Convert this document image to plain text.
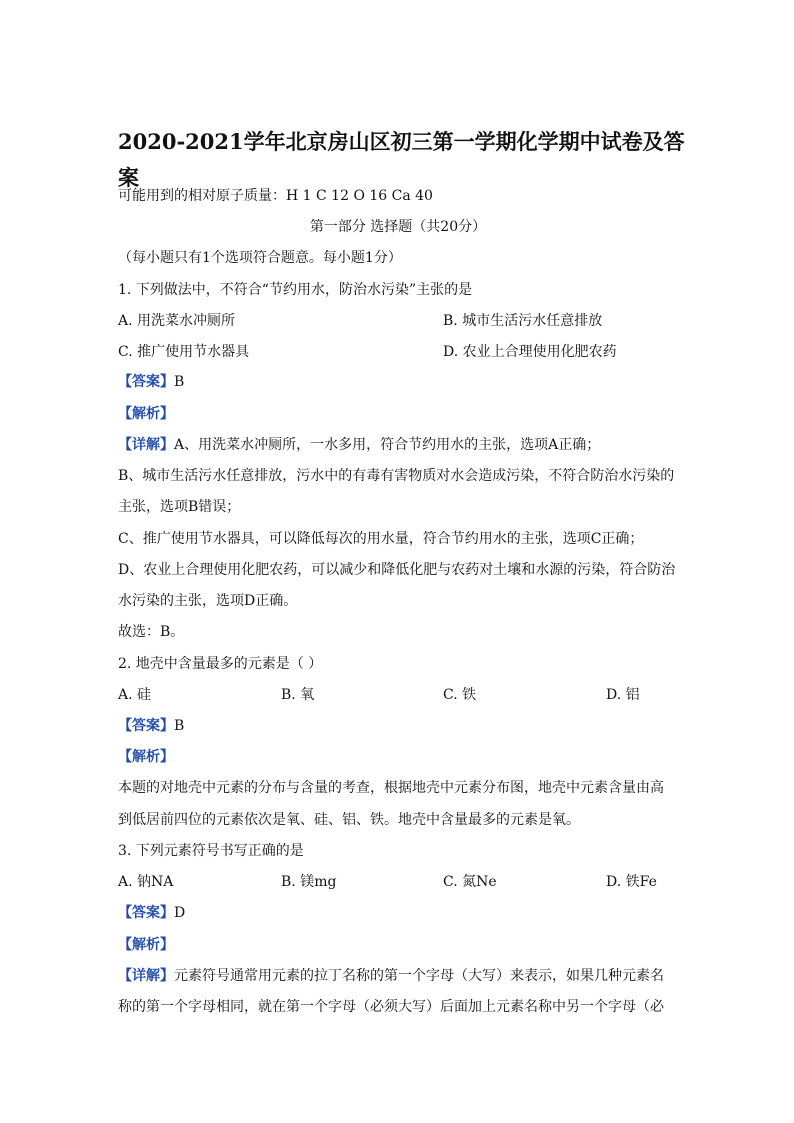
2020-2021学年北京房山区初三第一学期化学期中试卷及答案
可能用到的相对原子质量：H 1 C 12 O 16 Ca 40
第一部分 选择题（共20分）
（每小题只有1个选项符合题意。每小题1分）
1. 下列做法中，不符合“节约用水，防治水污染”主张的是
A. 用洗菜水冲厕所	B. 城市生活污水任意排放
C. 推广使用节水器具	D. 农业上合理使用化肥农药
【答案】B
【解析】
【详解】A、用洗菜水冲厕所，一水多用，符合节约用水的主张，选项A正确；
B、城市生活污水任意排放，污水中的有毒有害物质对水会造成污染，不符合防治水污染的
主张，选项B错误；
C、推广使用节水器具，可以降低每次的用水量，符合节约用水的主张，选项C正确；
D、农业上合理使用化肥农药，可以减少和降低化肥与农药对土壤和水源的污染，符合防治
水污染的主张，选项D正确。
故选：B。
2. 地壳中含量最多的元素是（ ）
A. 硅	B. 氧	C. 铁	D. 铝
【答案】B
【解析】
本题的对地壳中元素的分布与含量的考查，根据地壳中元素分布图，地壳中元素含量由高
到低居前四位的元素依次是氧、硅、铝、铁。地壳中含量最多的元素是氧。
3. 下列元素符号书写正确的是
A. 钠NA	B. 镁mg	C. 氮Ne	D. 铁Fe
【答案】D
【解析】
【详解】元素符号通常用元素的拉丁名称的第一个字母（大写）来表示，如果几种元素名
称的第一个字母相同，就在第一个字母（必须大写）后面加上元素名称中另一个字母（必
